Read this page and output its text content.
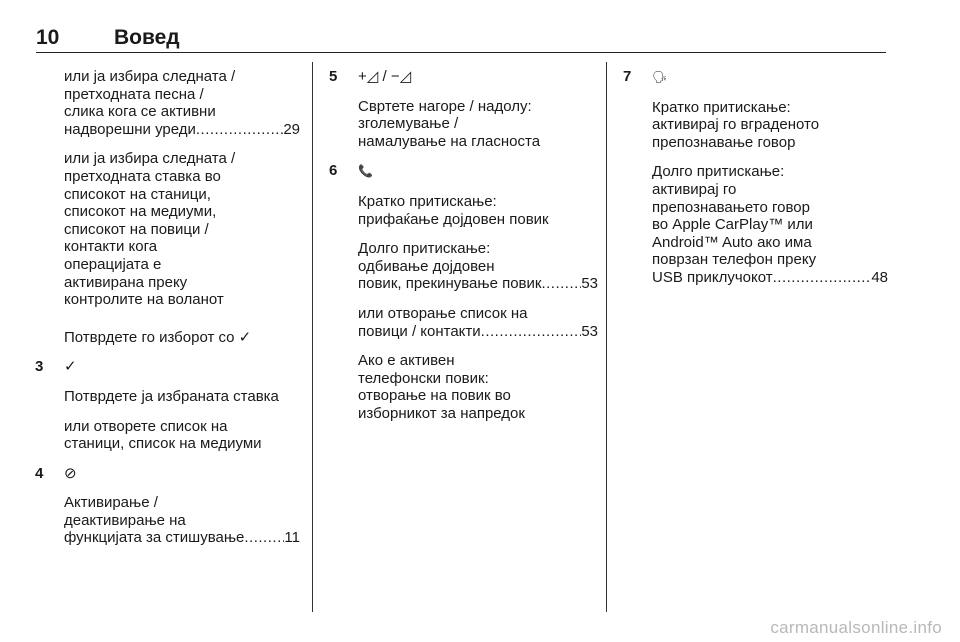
10	Вовед
или ја избира следната /
претходната песна /
слика кога се активни
надворешни уреди .....	29
или ја избира следната /
претходната ставка во
списокот на станици,
списокот на медиуми,
списокот на повици /
контакти кога
операцијата е
активирана преку
контролите на воланот
Потврдете го изборот со ✓
3 ✓
Потврдете ја избраната ставка
или отворете список на
станици, список на медиуми
4 ⊘
Активирање /
деактивирање на
функцијата за стишување .....	11
5 +◿ / −◿
Свртете нагоре / надолу:
зголемување /
намалување на гласноста
6 📞
Кратко притискање:
прифаќање дојдовен повик
Долго притискање:
одбивање дојдовен
повик, прекинување повик .....	53
или отворање список на
повици / контакти .....	53
Ако е активен
телефонски повик:
отворање на повик во
изборникот за напредок
7 🗣
Кратко притискање:
активирај го вграденото
препознавање говор
Долго притискање:
активирај го
препознавањето говор
во Apple CarPlay™ или
Android™ Auto ако има
поврзан телефон преку
USB приклучокот .....	48
carmanualsonline.info
